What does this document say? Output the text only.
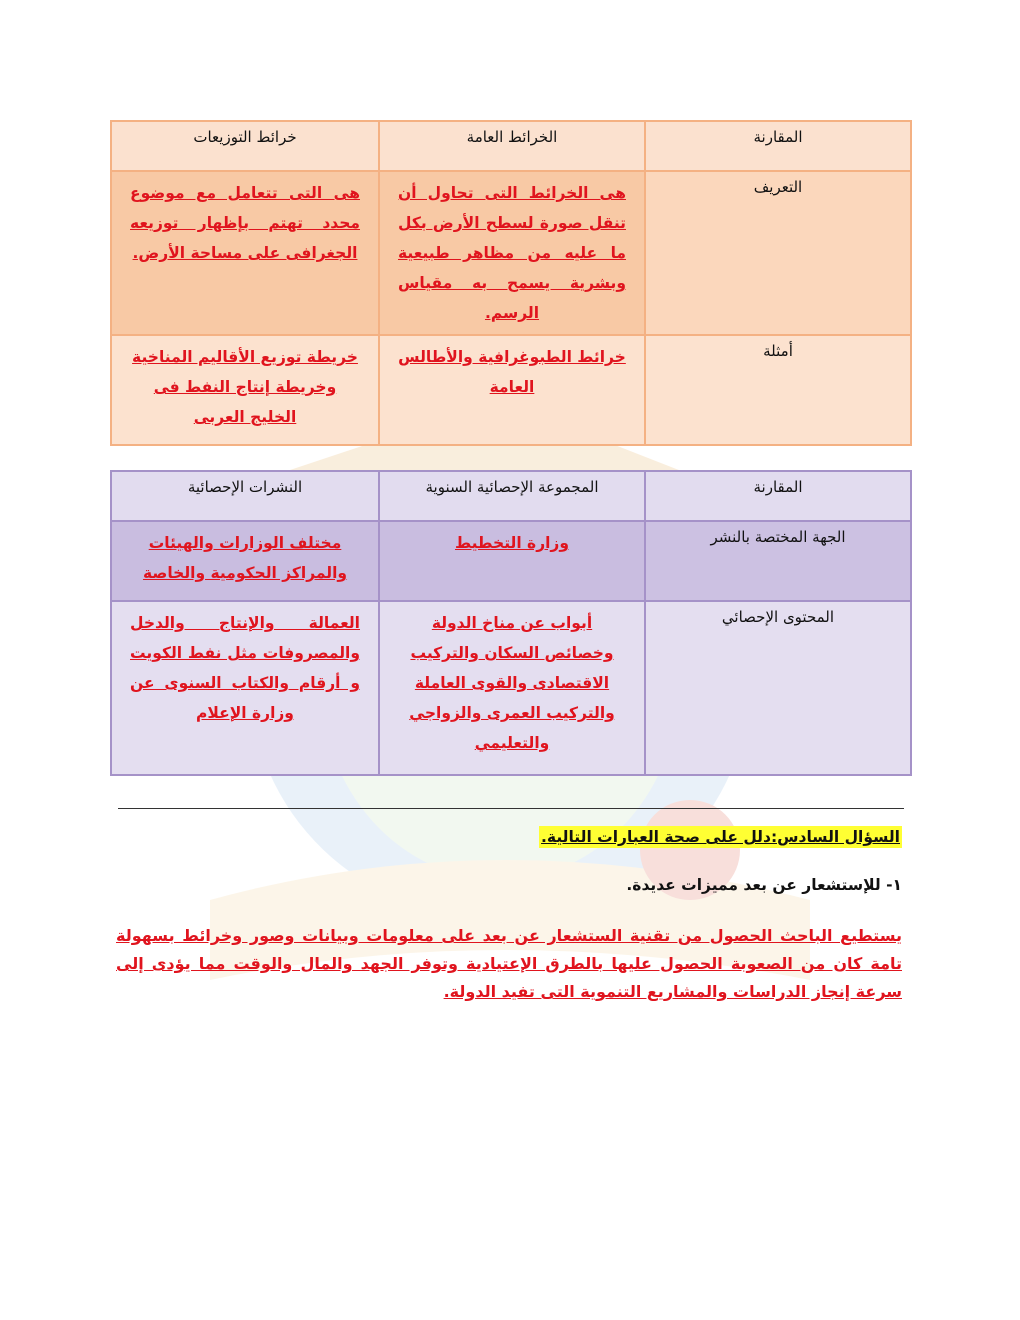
المقارنة	الخرائط العامة	خرائط التوزيعات
التعريف	هى الخرائط التى تحاول أن تنقل صورة لسطح الأرض بكل ما عليه من مظاهر طبيعية وبشرية يسمح به مقياس الرسم.	هى التى تتعامل مع موضوع محدد تهتم بإظهار توزيعه الجغرافى على مساحة الأرض.

أمثلة	خرائط الطبوغرافية والأطالس العامة	خريطة توزيع الأقاليم المناخية وخريطة إنتاج النفط فى الخليج العربى
المقارنة	المجموعة الإحصائية السنوية	النشرات الإحصائية
الجهة المختصة بالنشر	وزارة التخطيط	مختلف الوزارات والهيئات والمراكز الحكومية والخاصة

المحتوى الإحصائي	أبواب عن مناخ الدولة وخصائص السكان والتركيب الاقتصادى والقوى العاملة والتركيب العمرى والزواجي والتعليمي	العمالة والإنتاج والدخل والمصروفات مثل نفط الكويت و أرقام والكتاب السنوى عن وزارة الإعلام
السؤال السادس:دلل على صحة العبارات التالية.
١- للإستشعار عن بعد مميزات عديدة.
يستطيع الباحث الحصول من تقنية الستشعار عن بعد على معلومات وبيانات وصور وخرائط بسهولة تامة كان من الصعوبة الحصول عليها بالطرق الإعتيادية وتوفر الجهد والمال والوقت مما يؤدى إلى سرعة إنجاز الدراسات والمشاريع التنموية التى تفيد الدولة.
